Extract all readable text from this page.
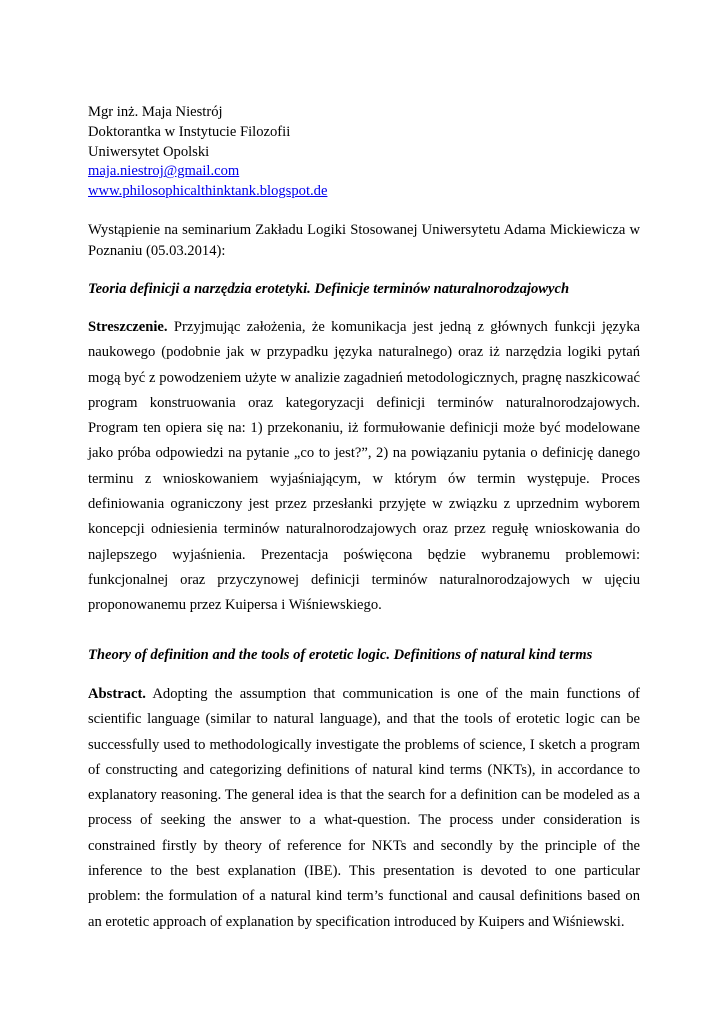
Mgr inż. Maja Niestrój
Doktorantka w Instytucie Filozofii
Uniwersytet Opolski
maja.niestroj@gmail.com
www.philosophicalthinktank.blogspot.de

Wystąpienie na seminarium Zakładu Logiki Stosowanej Uniwersytetu Adama Mickiewicza w Poznaniu (05.03.2014):

Teoria definicji a narzędzia erotetyki. Definicje terminów naturalnorodzajowych

Streszczenie. Przyjmując założenia, że komunikacja jest jedną z głównych funkcji języka naukowego (podobnie jak w przypadku języka naturalnego) oraz iż narzędzia logiki pytań mogą być z powodzeniem użyte w analizie zagadnień metodologicznych, pragnę naszkicować program konstruowania oraz kategoryzacji definicji terminów naturalnorodzajowych. Program ten opiera się na: 1) przekonaniu, iż formułowanie definicji może być modelowane jako próba odpowiedzi na pytanie „co to jest?”, 2) na powiązaniu pytania o definicję danego terminu z wnioskowaniem wyjaśniającym, w którym ów termin występuje. Proces definiowania ograniczony jest przez przesłanki przyjęte w związku z uprzednim wyborem koncepcji odniesienia terminów naturalnorodzajowych oraz przez regułę wnioskowania do najlepszego wyjaśnienia. Prezentacja poświęcona będzie wybranemu problemowi: funkcjonalnej oraz przyczynowej definicji terminów naturalnorodzajowych w ujęciu proponowanemu przez Kuipersa i Wiśniewskiego.

Theory of definition and the tools of erotetic logic. Definitions of natural kind terms

Abstract. Adopting the assumption that communication is one of the main functions of scientific language (similar to natural language), and that the tools of erotetic logic can be successfully used to methodologically investigate the problems of science, I sketch a program of constructing and categorizing definitions of natural kind terms (NKTs), in accordance to explanatory reasoning. The general idea is that the search for a definition can be modeled as a process of seeking the answer to a what-question. The process under consideration is constrained firstly by theory of reference for NKTs and secondly by the principle of the inference to the best explanation (IBE). This presentation is devoted to one particular problem: the formulation of a natural kind term’s functional and causal definitions based on an erotetic approach of explanation by specification introduced by Kuipers and Wiśniewski.
